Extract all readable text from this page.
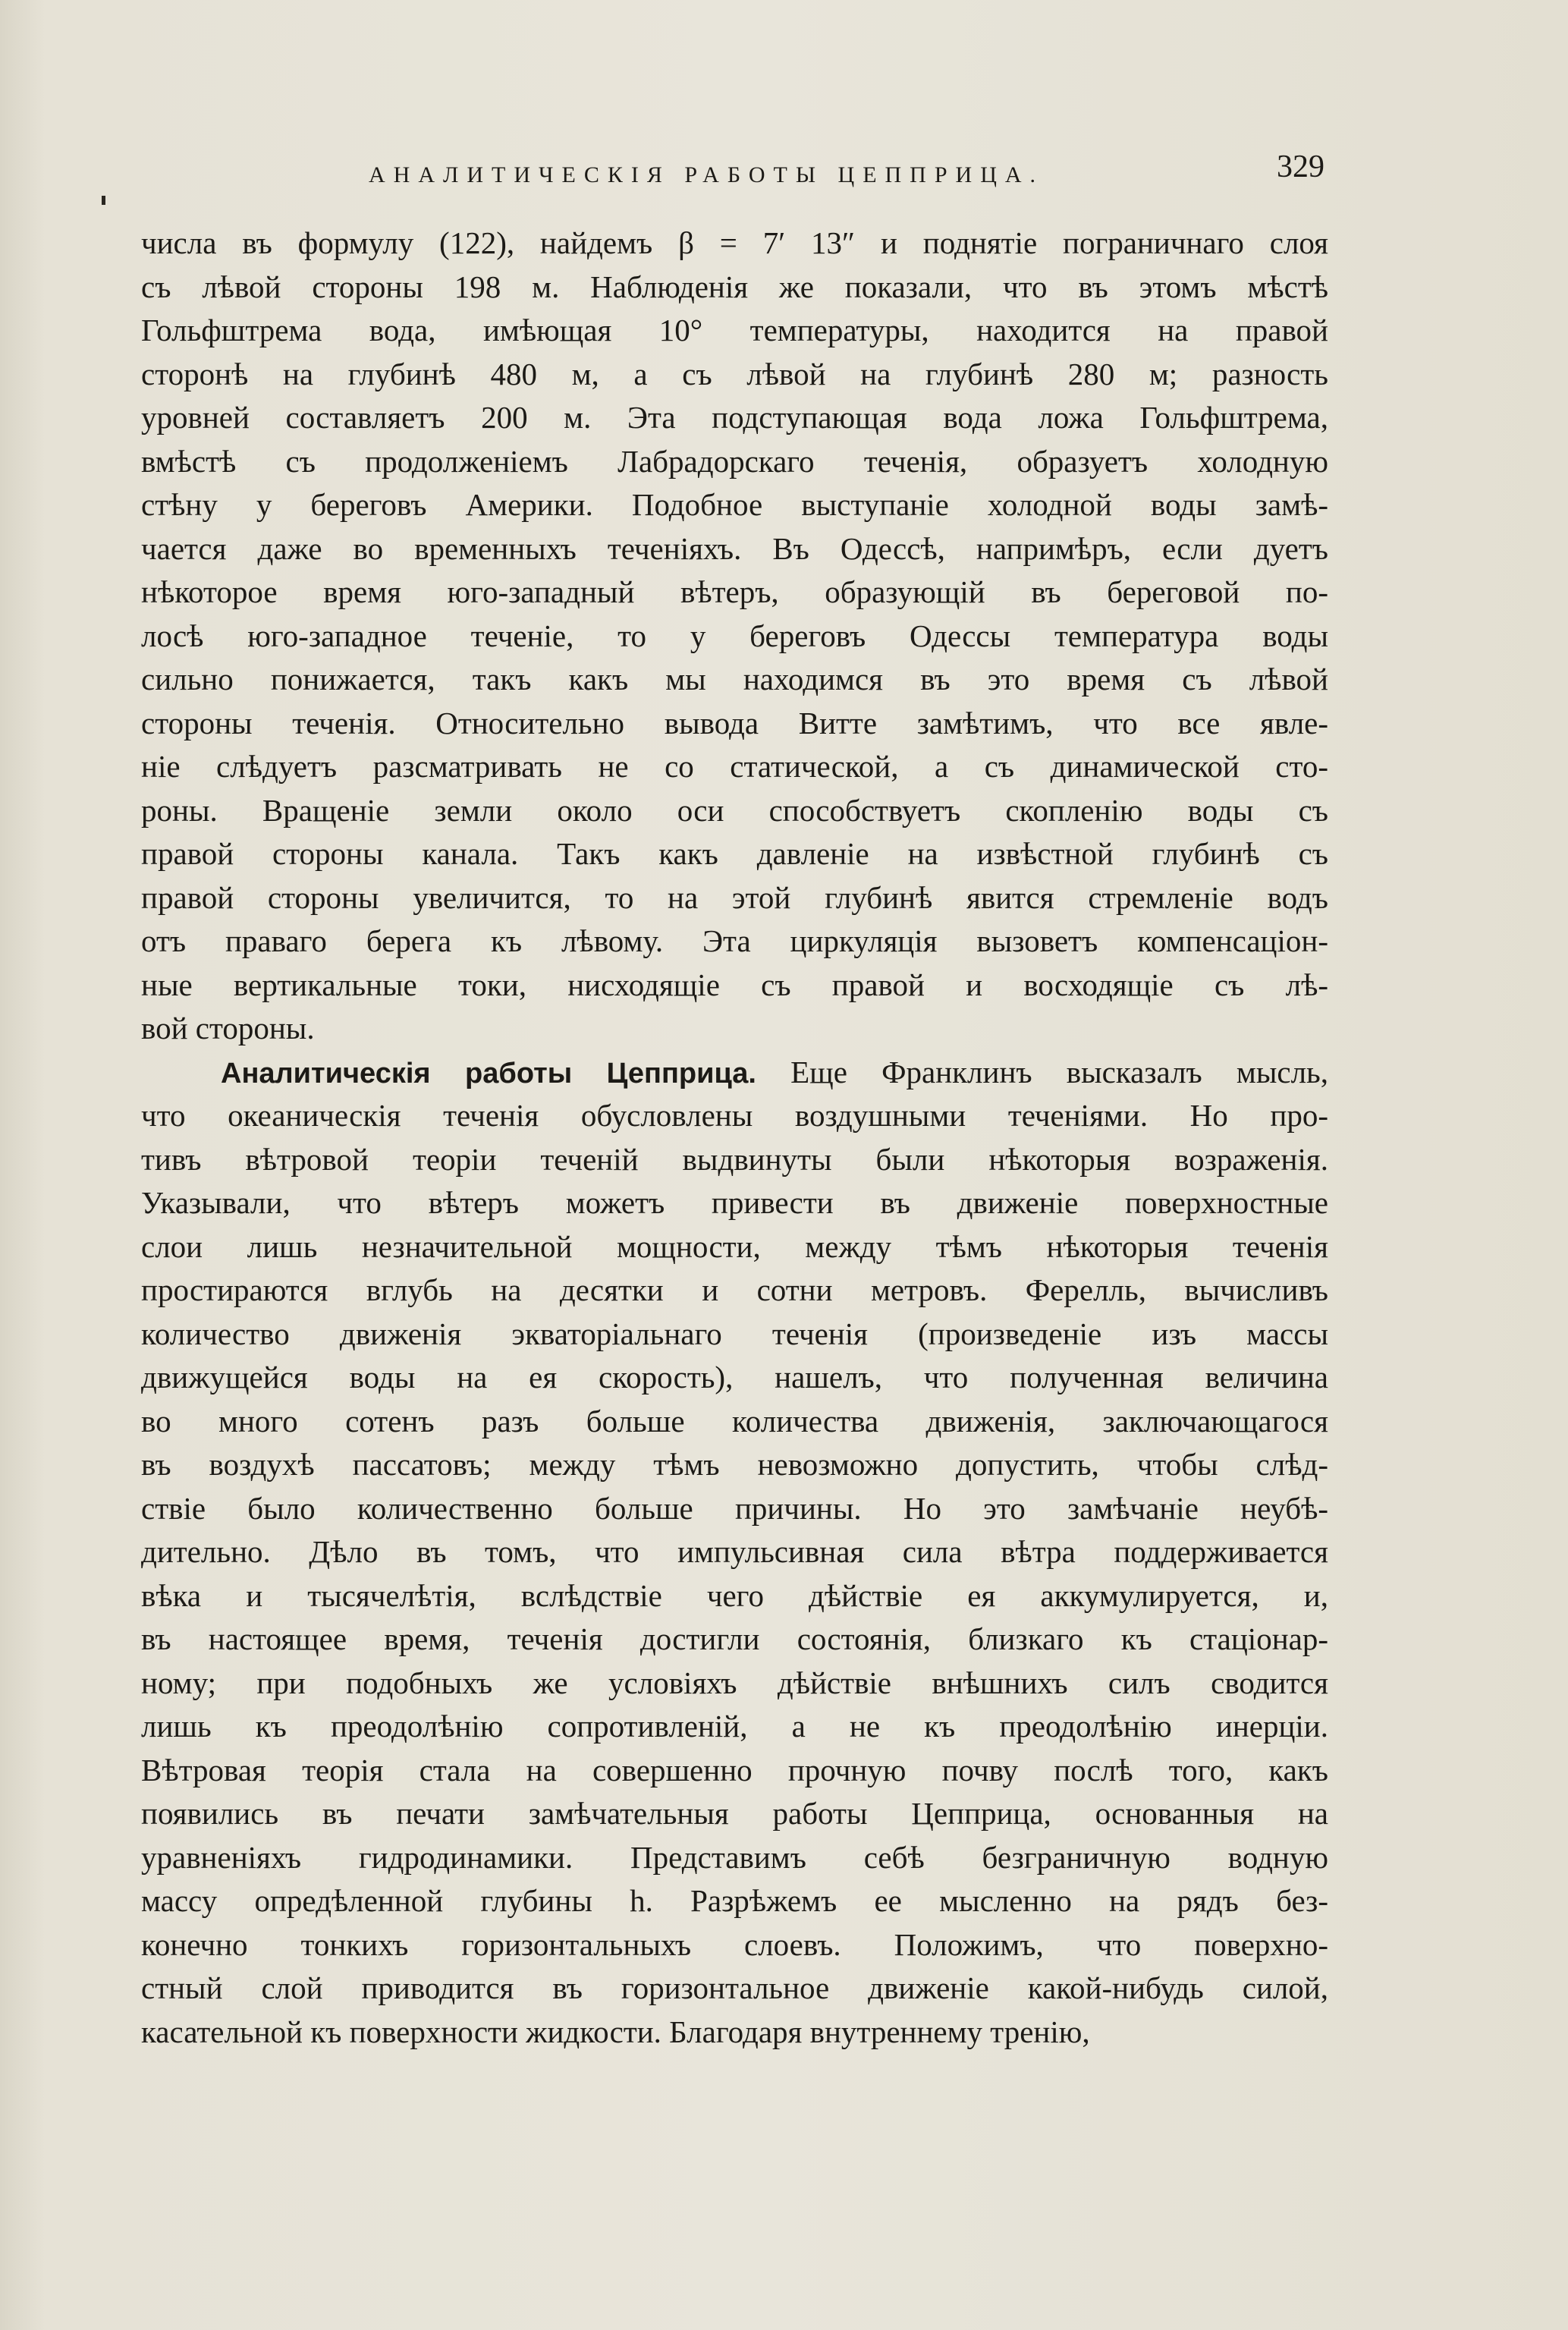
АНАЛИТИЧЕСКІЯ РАБОТЫ ЦЕППРИЦА.	329
числа въ формулу (122), найдемъ β = 7′ 13″ и поднятіе пограничнаго слоя
съ лѣвой стороны 198 м. Наблюденія же показали, что въ этомъ мѣстѣ
Гольфштрема вода, имѣющая 10° температуры, находится на правой
сторонѣ на глубинѣ 480 м, а съ лѣвой на глубинѣ 280 м; разность
уровней составляетъ 200 м. Эта подступающая вода ложа Гольфштрема,
вмѣстѣ съ продолженіемъ Лабрадорскаго теченія, образуетъ холодную
стѣну у береговъ Америки. Подобное выступаніе холодной воды замѣ-
чается даже во временныхъ теченіяхъ. Въ Одессѣ, напримѣръ, если дуетъ
нѣкоторое время юго-западный вѣтеръ, образующій въ береговой по-
лосѣ юго-западное теченіе, то у береговъ Одессы температура воды
сильно понижается, такъ какъ мы находимся въ это время съ лѣвой
стороны теченія. Относительно вывода Витте замѣтимъ, что все явле-
ніе слѣдуетъ разсматривать не со статической, а съ динамической сто-
роны. Вращеніе земли около оси способствуетъ скопленію воды съ
правой стороны канала. Такъ какъ давленіе на извѣстной глубинѣ съ
правой стороны увеличится, то на этой глубинѣ явится стремленіе водъ
отъ праваго берега къ лѣвому. Эта циркуляція вызоветъ компенсаціон-
ные вертикальные токи, нисходящіе съ правой и восходящіе съ лѣ-
вой стороны.
Аналитическія работы Цепприца. Еще Франклинъ высказалъ мысль,
что океаническія теченія обусловлены воздушными теченіями. Но про-
тивъ вѣтровой теоріи теченій выдвинуты были нѣкоторыя возраженія.
Указывали, что вѣтеръ можетъ привести въ движеніе поверхностные
слои лишь незначительной мощности, между тѣмъ нѣкоторыя теченія
простираются вглубь на десятки и сотни метровъ. Ферелль, вычисливъ
количество движенія экваторіальнаго теченія (произведеніе изъ массы
движущейся воды на ея скорость), нашелъ, что полученная величина
во много сотенъ разъ больше количества движенія, заключающагося
въ воздухѣ пассатовъ; между тѣмъ невозможно допустить, чтобы слѣд-
ствіе было количественно больше причины. Но это замѣчаніе неубѣ-
дительно. Дѣло въ томъ, что импульсивная сила вѣтра поддерживается
вѣка и тысячелѣтія, вслѣдствіе чего дѣйствіе ея аккумулируется, и,
въ настоящее время, теченія достигли состоянія, близкаго къ стаціонар-
ному; при подобныхъ же условіяхъ дѣйствіе внѣшнихъ силъ сводится
лишь къ преодолѣнію сопротивленій, а не къ преодолѣнію инерціи.
Вѣтровая теорія стала на совершенно прочную почву послѣ того, какъ
появились въ печати замѣчательныя работы Цепприца, основанныя на
уравненіяхъ гидродинамики. Представимъ себѣ безграничную водную
массу опредѣленной глубины h. Разрѣжемъ ее мысленно на рядъ без-
конечно тонкихъ горизонтальныхъ слоевъ. Положимъ, что поверхно-
стный слой приводится въ горизонтальное движеніе какой-нибудь силой,
касательной къ поверхности жидкости. Благодаря внутреннему тренію,
